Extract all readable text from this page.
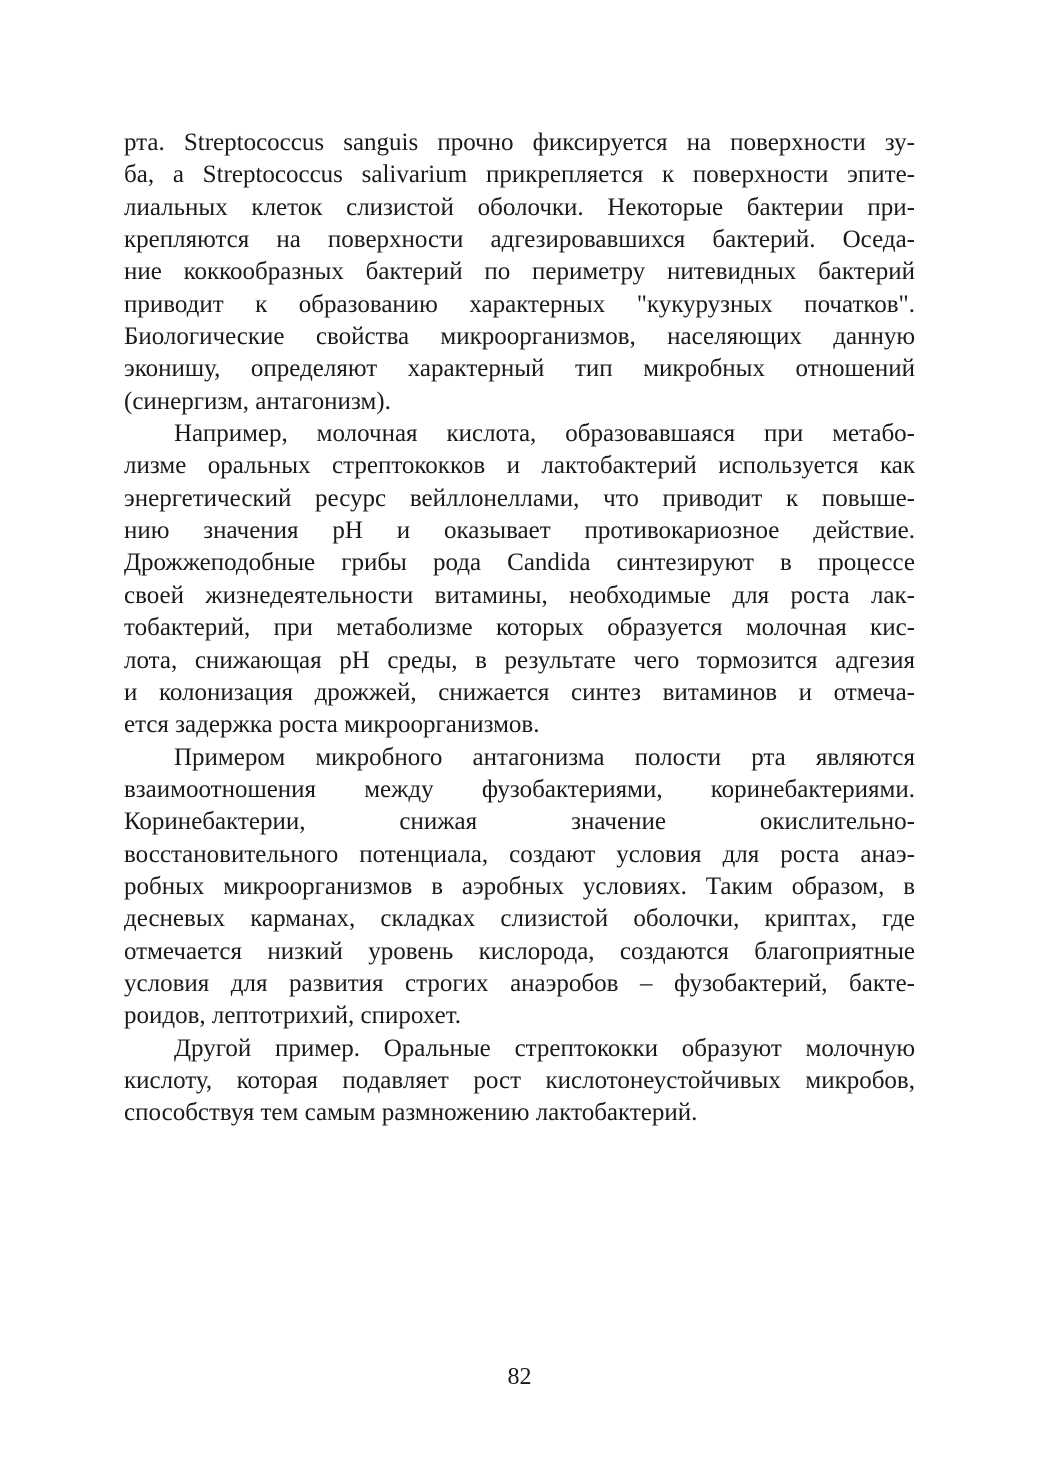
рта. Streptococcus sanguis прочно фиксируется на поверхности зу-
ба, а Streptococcus salivarium прикрепляется к поверхности эпите-
лиальных клеток слизистой оболочки. Некоторые бактерии при-
крепляются на поверхности адгезировавшихся бактерий. Оседа-
ние коккообразных бактерий по периметру нитевидных бактерий
приводит к образованию характерных "кукурузных початков".
Биологические свойства микроорганизмов, населяющих данную
эконишу, определяют характерный тип микробных отношений
(синергизм, антагонизм).
Например, молочная кислота, образовавшаяся при метабо-
лизме оральных стрептококков и лактобактерий используется как
энергетический ресурс вейллонеллами, что приводит к повыше-
нию значения pH и оказывает противокариозное действие.
Дрожжеподобные грибы рода Candida синтезируют в процессе
своей жизнедеятельности витамины, необходимые для роста лак-
тобактерий, при метаболизме которых образуется молочная кис-
лота, снижающая pH среды, в результате чего тормозится адгезия
и колонизация дрожжей, снижается синтез витаминов и отмеча-
ется задержка роста микроорганизмов.
Примером микробного антагонизма полости рта являются
взаимоотношения между фузобактериями, коринебактериями.
Коринебактерии, снижая значение окислительно-
восстановительного потенциала, создают условия для роста анаэ-
робных микроорганизмов в аэробных условиях. Таким образом, в
десневых карманах, складках слизистой оболочки, криптах, где
отмечается низкий уровень кислорода, создаются благоприятные
условия для развития строгих анаэробов – фузобактерий, бакте-
роидов, лептотрихий, спирохет.
Другой пример. Оральные стрептококки образуют молочную
кислоту, которая подавляет рост кислотонеустойчивых микробов,
способствуя тем самым размножению лактобактерий.
82
